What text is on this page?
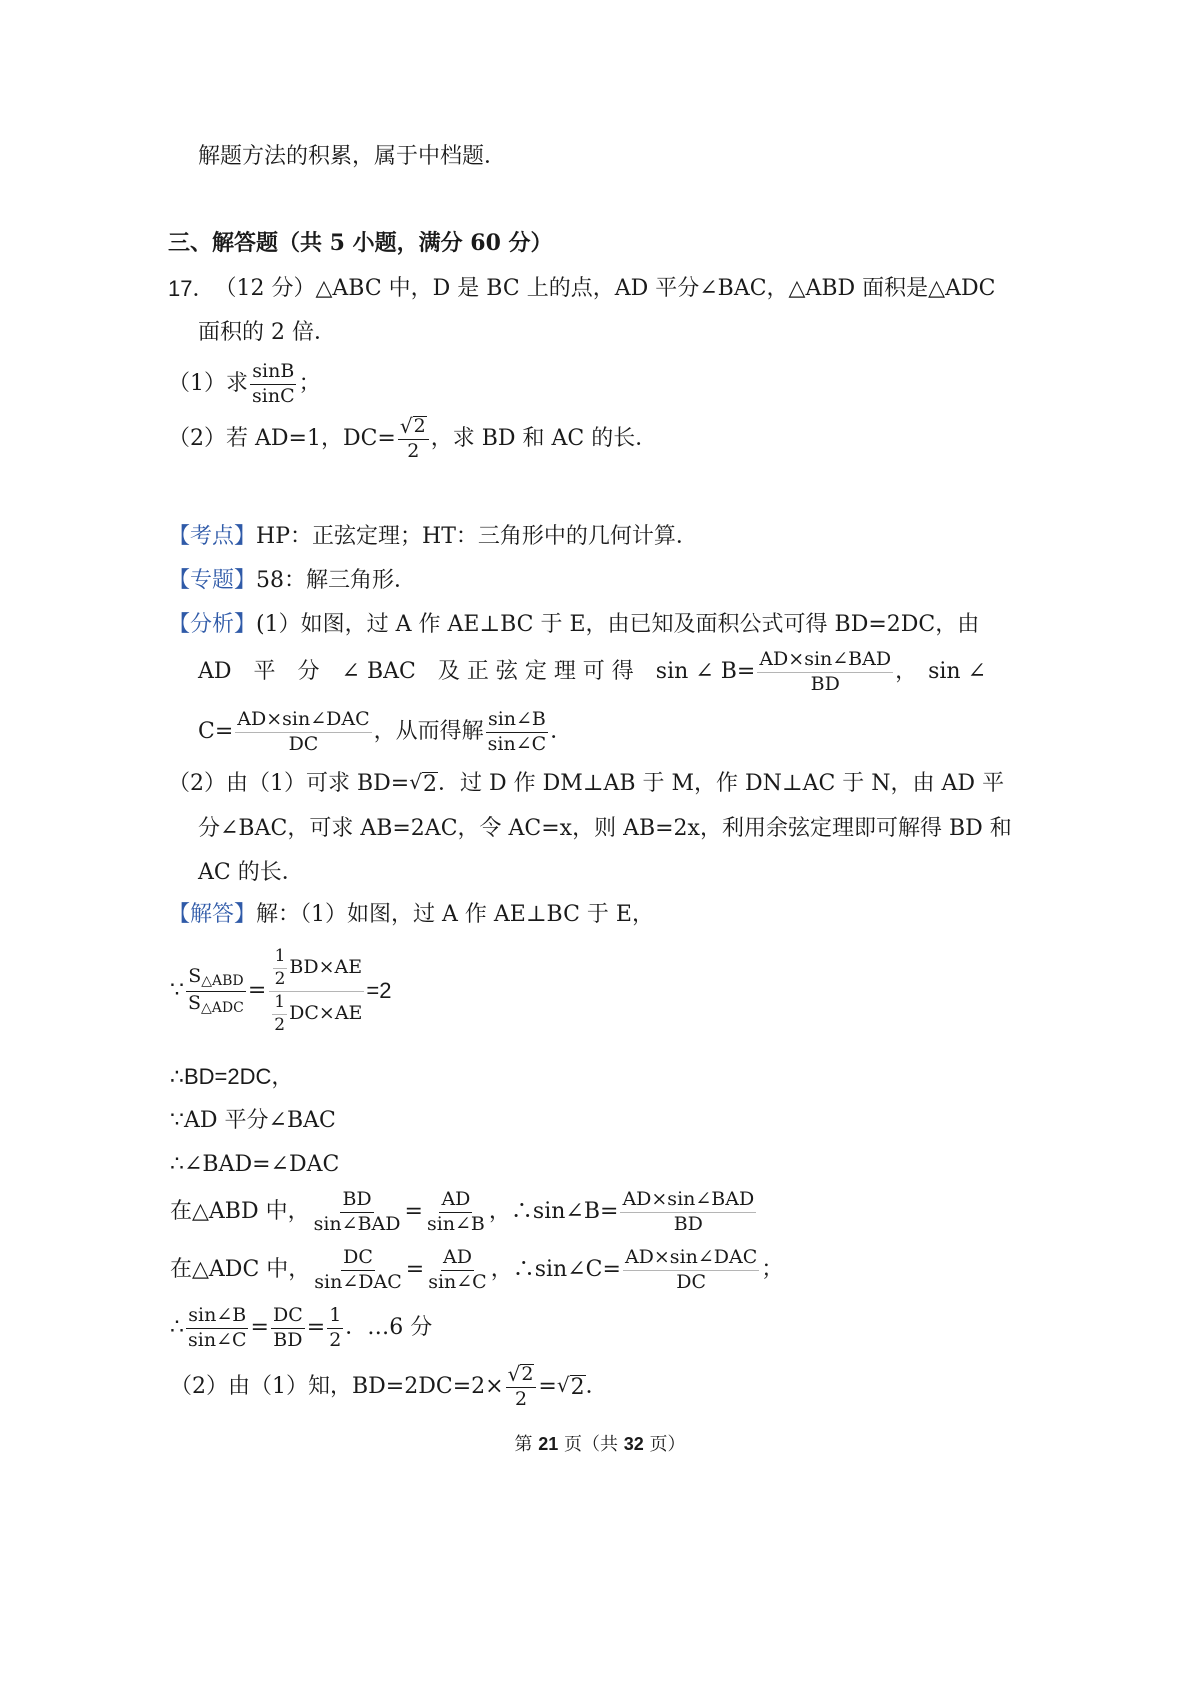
解题方法的积累，属于中档题．
三、解答题（共 5 小题，满分 60 分）
17． （12 分）△ABC 中，D 是 BC 上的点，AD 平分∠BAC，△ABD 面积是△ADC
面积的 2 倍．
（1）求 $\frac{\sin B}{\sin C}$ ；
（2）若 AD=1，$DC= \frac{√ 2}{2}$ ，求 BD 和 AC 的长．
【考点】 HP：正弦定理；HT：三角形中的几何计算．
【专题】 58：解三角形．
【分析】 (1）如图，过 A 作 AE⊥BC 于 E，由已知及面积公式可得 BD=2DC，由
AD　平　分　∠ BAC　及 正 弦 定 理 可 得　sin ∠ $B= \frac{\text{AD×sin∠BAD}}{BD}$ ，　sin ∠
$C= \frac{\text{AD×sin∠DAC}}{DC}$ ，从而得解 $\frac{\sin\angle B}{\sin\angle C}$ ．
（2）由（1）可求 BD= √ 2 ．过 D 作 DM⊥AB 于 M，作 DN⊥AC 于 N，由 AD 平
分∠BAC，可求 AB=2AC，令 AC=x，则 AB=2x，利用余弦定理即可解得 BD 和
AC 的长．
【解答】 解：（1）如图，过 A 作 AE⊥BC 于 E，
∵ $\frac{S_{\triangle ABD}}{S_{\triangle ADC}} = \frac{\frac{1}{2} BD\times AE}{\frac{1}{2} DC\times AE} =2$
∴BD=2DC，
∵AD 平分∠BAC
∴∠BAD=∠DAC
在△ABD 中， $\frac{BD}{\text{sin∠BAD}} = \frac{AD}{\sin\angle B}$ ，∴sin∠B= $\frac{\text{AD×sin∠BAD}}{BD}$
在△ADC 中， $\frac{DC}{\text{sin∠DAC}} = \frac{AD}{\sin\angle C}$ ，∴sin∠C= $\frac{\text{AD×sin∠DAC}}{DC}$ ；
∴ $\frac{\sin\angle B}{\sin\angle C} = \frac{DC}{BD} = \frac{1}{2}$ ．…6 分
（2）由（1）知，$BD=2DC=2\times \frac{√ 2}{2}$ = √ 2 ．
第 21 页（共 32 页）
